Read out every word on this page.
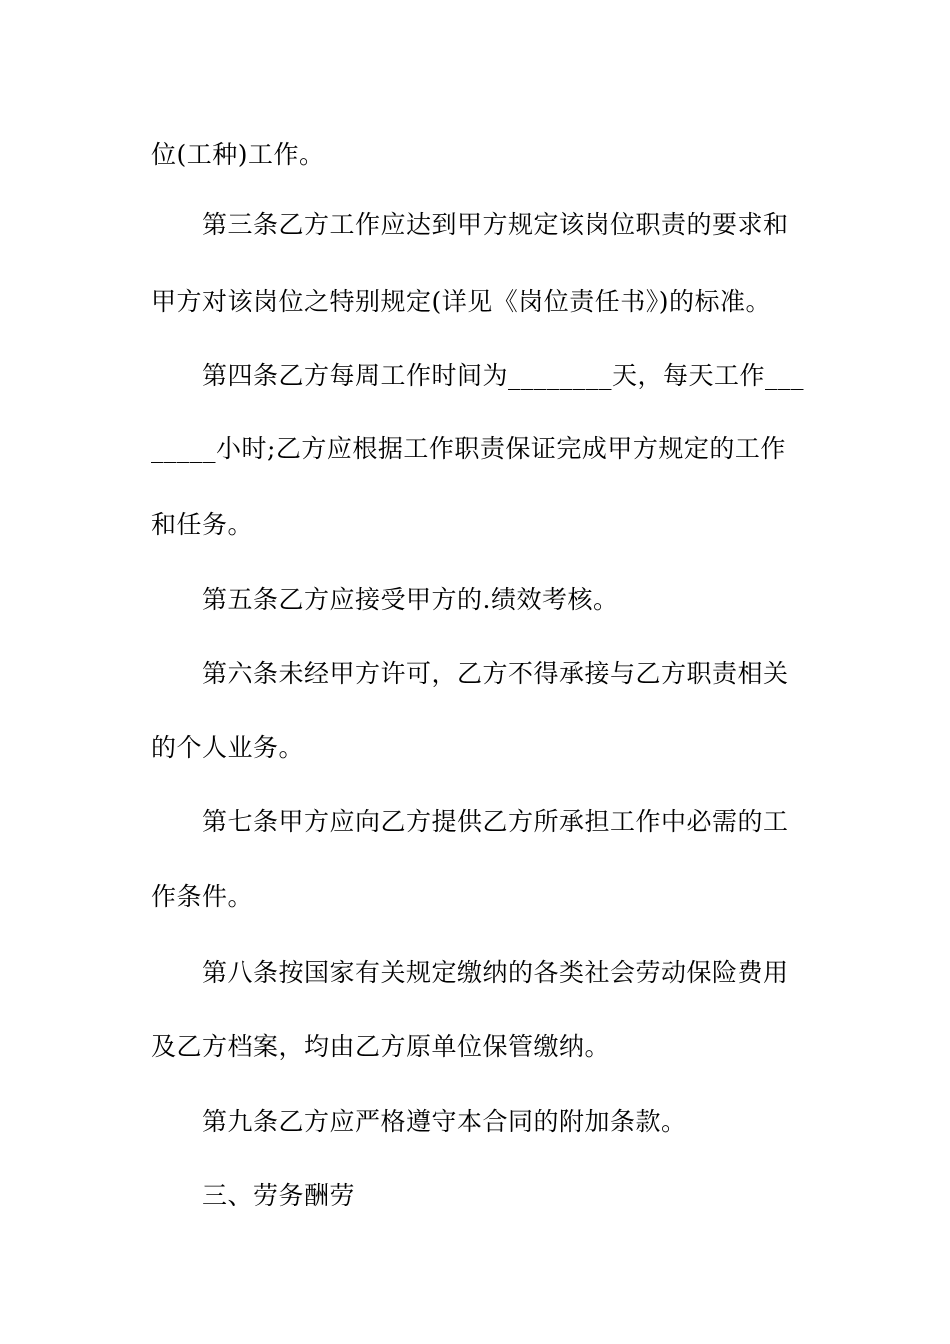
位(工种)工作。
第三条乙方工作应达到甲方规定该岗位职责的要求和
甲方对该岗位之特别规定(详见《岗位责任书》)的标准。
第四条乙方每周工作时间为________天，每天工作___
_____小时;乙方应根据工作职责保证完成甲方规定的工作
和任务。
第五条乙方应接受甲方的.绩效考核。
第六条未经甲方许可，乙方不得承接与乙方职责相关
的个人业务。
第七条甲方应向乙方提供乙方所承担工作中必需的工
作条件。
第八条按国家有关规定缴纳的各类社会劳动保险费用
及乙方档案，均由乙方原单位保管缴纳。
第九条乙方应严格遵守本合同的附加条款。
三、劳务酬劳
